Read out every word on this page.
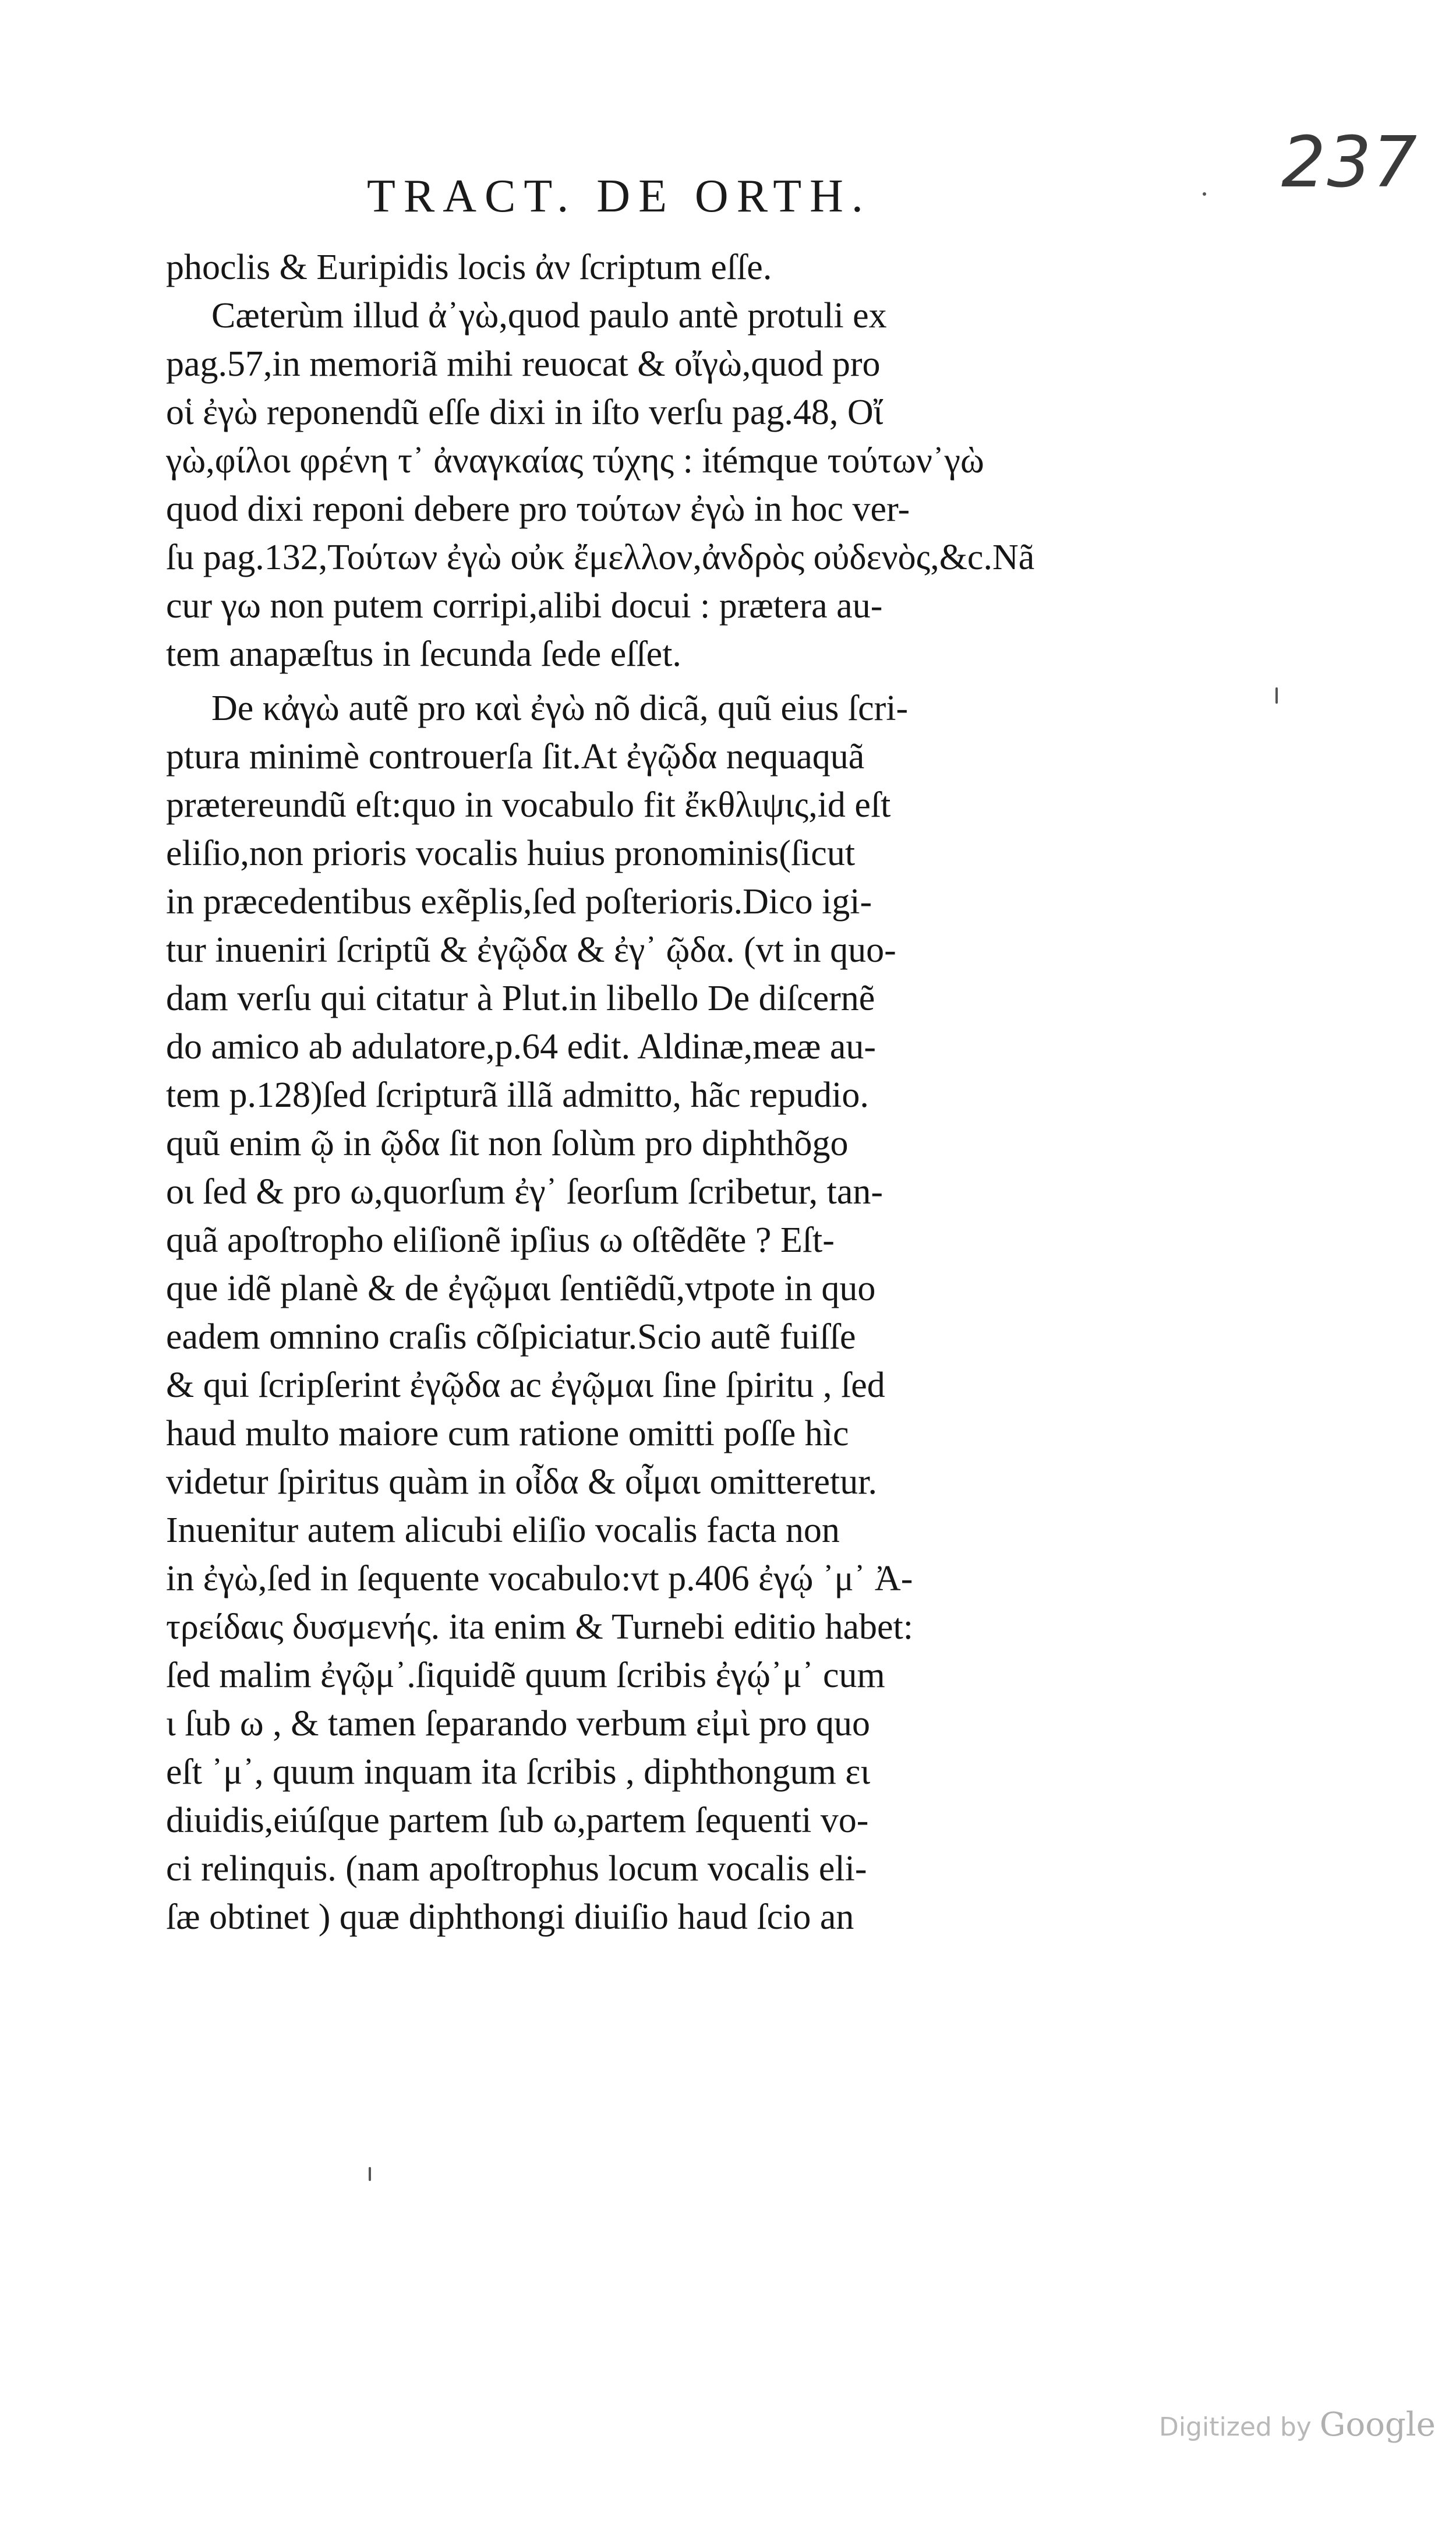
237
TRACT. DE ORTH.
phoclis & Euripidis locis ἀν ſcriptum eſſe.
Cæterùm illud ἀ᾽γὼ,quod paulo antè protuli ex
pag.57,in memoriã mihi reuocat & οἴγὼ,quod pro
οἱ ἐγὼ reponendũ eſſe dixi in iſto verſu pag.48, Οἴ
γὼ,φίλοι φρένη τ᾽ ἀναγκαίας τύχης : itémque τούτων᾽γὼ
quod dixi reponi debere pro τούτων ἐγὼ in hoc ver-
ſu pag.132,Τούτων ἐγὼ οὐκ ἔμελλον,ἀνδρὸς οὐδενὸς,&c.Nã
cur γω non putem corripi,alibi docui : prætera au-
tem anapæſtus in ſecunda ſede eſſet.
De κἀγὼ autẽ pro καὶ ἐγὼ nõ dicã, quũ eius ſcri-
ptura minimè controuerſa ſit.At ἐγῷδα nequaquã
prætereundũ eſt:quo in vocabulo fit ἔκθλιψις,id eſt
eliſio,non prioris vocalis huius pronominis(ſicut
in præcedentibus exẽplis,ſed poſterioris.Dico igi-
tur inueniri ſcriptũ & ἐγῷδα & ἐγ᾽ ῷδα. (vt in quo-
dam verſu qui citatur à Plut.in libello De diſcernẽ
do amico ab adulatore,p.64 edit. Aldinæ,meæ au-
tem p.128)ſed ſcripturã illã admitto, hãc repudio.
quũ enim ῷ in ῷδα ſit non ſolùm pro diphthõgo
οι ſed & pro ω,quorſum ἐγ᾽ ſeorſum ſcribetur, tan-
quã apoſtropho eliſionẽ ipſius ω oſtẽdẽte ? Eſt-
que idẽ planè & de ἐγῷμαι ſentiẽdũ,vtpote in quo
eadem omnino craſis cõſpiciatur.Scio autẽ fuiſſe
& qui ſcripſerint ἐγῷδα ac ἐγῷμαι ſine ſpiritu , ſed
haud multo maiore cum ratione omitti poſſe hìc
videtur ſpiritus quàm in οἶδα & οἶμαι omitteretur.
Inuenitur autem alicubi eliſio vocalis facta non
in ἐγὼ,ſed in ſequente vocabulo:vt p.406 ἐγῴ ᾽μ᾽ Ἀ-
τρείδαις δυσμενής. ita enim & Turnebi editio habet:
ſed malim ἐγῷμ᾽.ſiquidẽ quum ſcribis ἐγῴ᾽μ᾽ cum
ι ſub ω , & tamen ſeparando verbum εἰμὶ pro quo
eſt ᾽μ᾽, quum inquam ita ſcribis , diphthongum ει
diuidis,eiúſque partem ſub ω,partem ſequenti vo-
ci relinquis. (nam apoſtrophus locum vocalis eli-
ſæ obtinet ) quæ diphthongi diuiſio haud ſcio an
Digitized by Google
